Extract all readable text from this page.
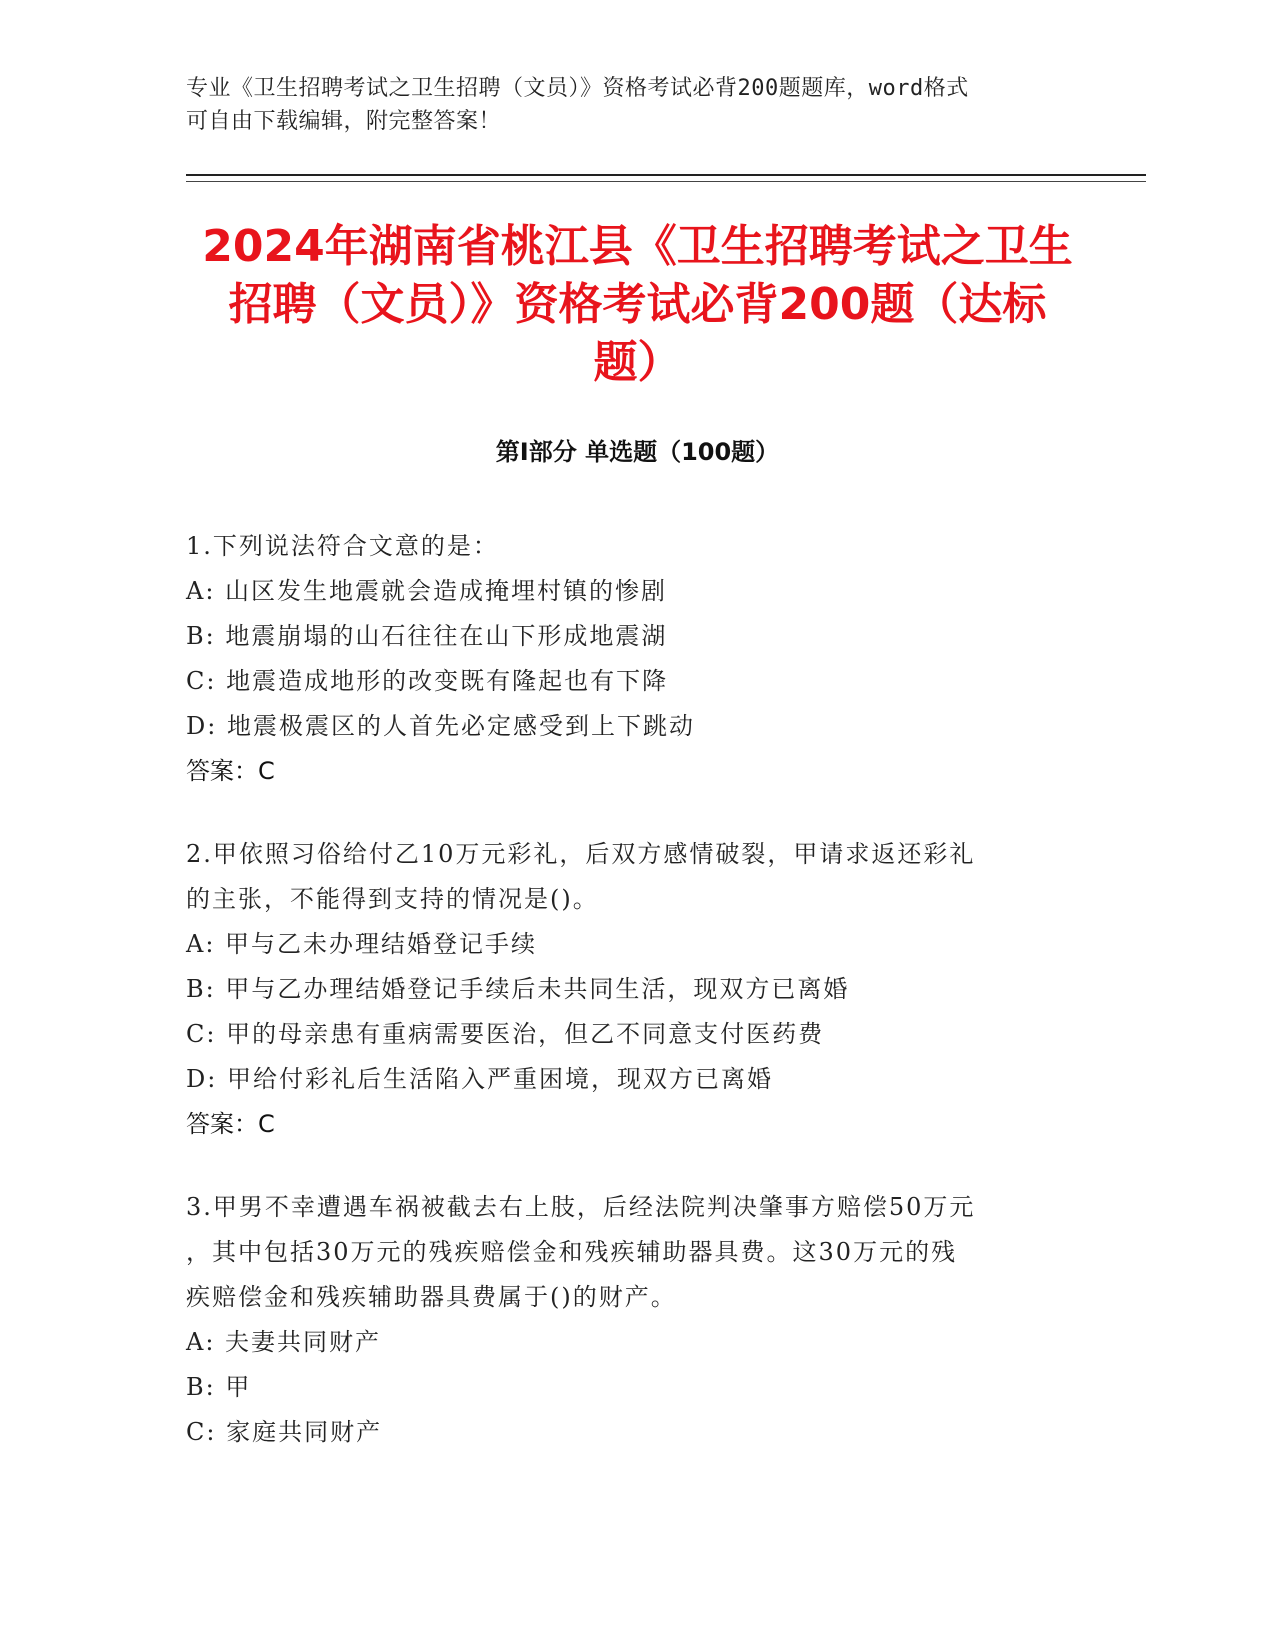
专业《卫生招聘考试之卫生招聘（文员）》资格考试必背200题题库，word格式
可自由下载编辑，附完整答案！
2024年湖南省桃江县《卫生招聘考试之卫生
招聘（文员）》资格考试必背200题（达标
题）
第I部分 单选题（100题）
1.下列说法符合文意的是：
A: 山区发生地震就会造成掩埋村镇的惨剧
B: 地震崩塌的山石往往在山下形成地震湖
C: 地震造成地形的改变既有隆起也有下降
D: 地震极震区的人首先必定感受到上下跳动
答案：C
2.甲依照习俗给付乙10万元彩礼，后双方感情破裂，甲请求返还彩礼
的主张，不能得到支持的情况是()。
A: 甲与乙未办理结婚登记手续
B: 甲与乙办理结婚登记手续后未共同生活，现双方已离婚
C: 甲的母亲患有重病需要医治，但乙不同意支付医药费
D: 甲给付彩礼后生活陷入严重困境，现双方已离婚
答案：C
3.甲男不幸遭遇车祸被截去右上肢，后经法院判决肇事方赔偿50万元
，其中包括30万元的残疾赔偿金和残疾辅助器具费。这30万元的残
疾赔偿金和残疾辅助器具费属于()的财产。
A: 夫妻共同财产
B: 甲
C: 家庭共同财产
